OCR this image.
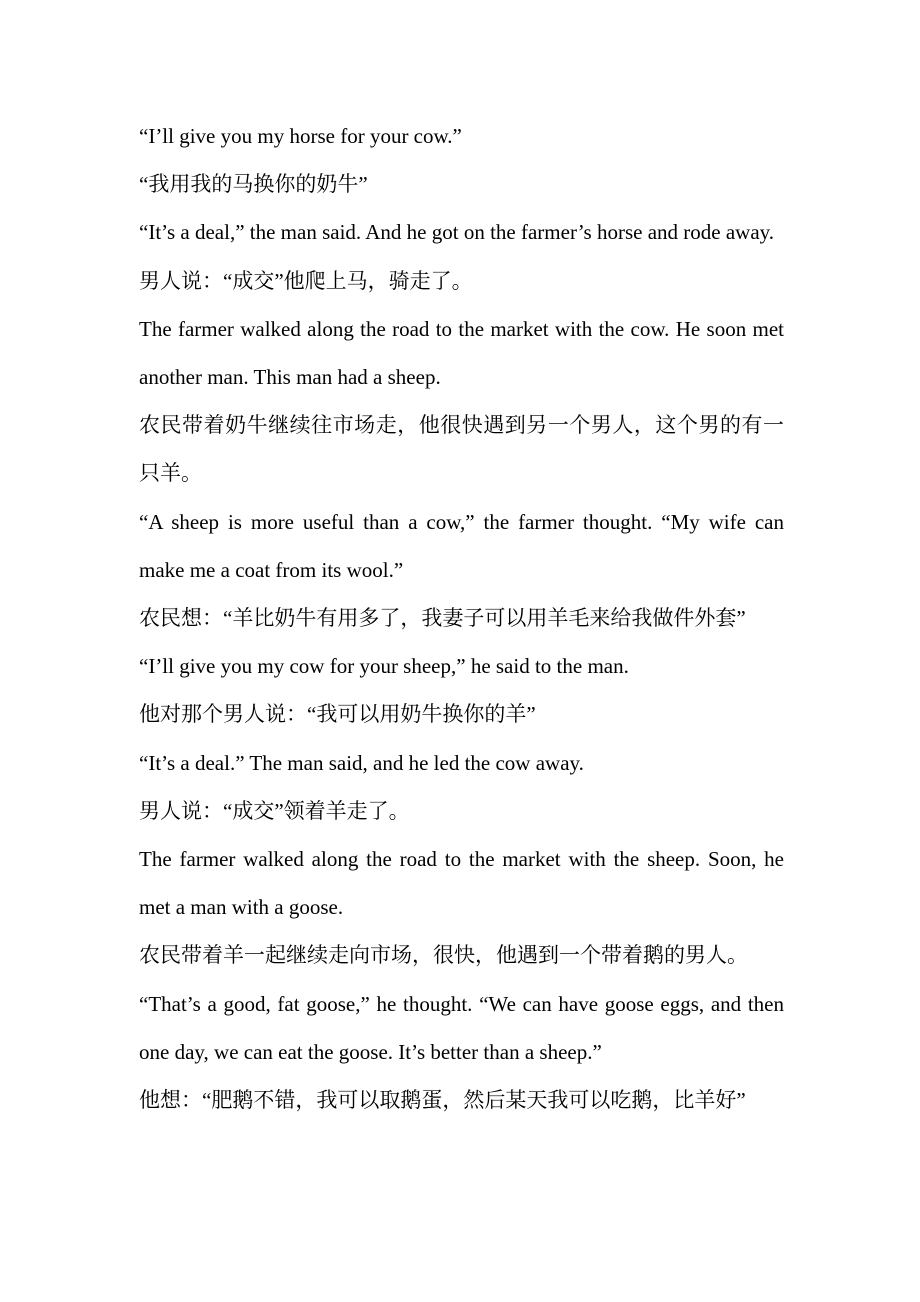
“I’ll give you my horse for your cow.”

“我用我的马换你的奶牛”

“It’s a deal,” the man said. And he got on the farmer’s horse and rode away.

男人说：“成交”他爬上马，骑走了。

The farmer walked along the road to the market with the cow. He soon met another man. This man had a sheep.

农民带着奶牛继续往市场走，他很快遇到另一个男人，这个男的有一只羊。

“A sheep is more useful than a cow,” the farmer thought. “My wife can make me a coat from its wool.”

农民想：“羊比奶牛有用多了，我妻子可以用羊毛来给我做件外套”

“I’ll give you my cow for your sheep,” he said to the man.

他对那个男人说：“我可以用奶牛换你的羊”

“It’s a deal.” The man said, and he led the cow away.

男人说：“成交”领着羊走了。

The farmer walked along the road to the market with the sheep. Soon, he met a man with a goose.

农民带着羊一起继续走向市场，很快，他遇到一个带着鹅的男人。

“That’s a good, fat goose,” he thought. “We can have goose eggs, and then one day, we can eat the goose. It’s better than a sheep.”

他想：“肥鹅不错，我可以取鹅蛋，然后某天我可以吃鹅，比羊好”
